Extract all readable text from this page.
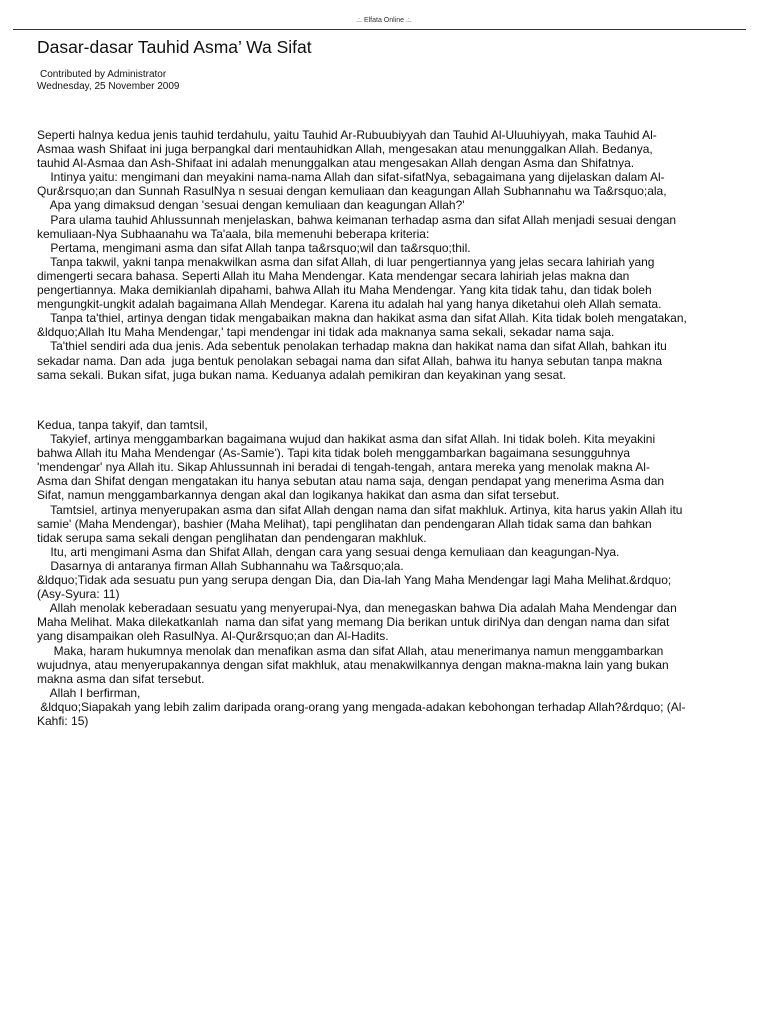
.:. Elfata Online .:.
Dasar-dasar Tauhid Asma’ Wa Sifat
Contributed by Administrator
Wednesday, 25 November 2009
Seperti halnya kedua jenis tauhid terdahulu, yaitu Tauhid Ar-Rubuubiyyah dan Tauhid Al-Uluuhiyyah, maka Tauhid Al-
Asmaa wash Shifaat ini juga berpangkal dari mentauhidkan Allah, mengesakan atau menunggalkan Allah. Bedanya,
tauhid Al-Asmaa dan Ash-Shifaat ini adalah menunggalkan atau mengesakan Allah dengan Asma dan Shifatnya.
Intinya yaitu: mengimani dan meyakini nama-nama Allah dan sifat-sifatNya, sebagaimana yang dijelaskan dalam Al-
Qur&rsquo;an dan Sunnah RasulNya n sesuai dengan kemuliaan dan keagungan Allah Subhannahu wa Ta&rsquo;ala,
Apa yang dimaksud dengan 'sesuai dengan kemuliaan dan keagungan Allah?'
Para ulama tauhid Ahlussunnah menjelaskan, bahwa keimanan terhadap asma dan sifat Allah menjadi sesuai dengan
kemuliaan-Nya Subhaanahu wa Ta'aala, bila memenuhi beberapa kriteria:
Pertama, mengimani asma dan sifat Allah tanpa ta&rsquo;wil dan ta&rsquo;thil.
Tanpa takwil, yakni tanpa menakwilkan asma dan sifat Allah, di luar pengertiannya yang jelas secara lahiriah yang
dimengerti secara bahasa. Seperti Allah itu Maha Mendengar. Kata mendengar secara lahiriah jelas makna dan
pengertiannya. Maka demikianlah dipahami, bahwa Allah itu Maha Mendengar. Yang kita tidak tahu, dan tidak boleh
mengungkit-ungkit adalah bagaimana Allah Mendegar. Karena itu adalah hal yang hanya diketahui oleh Allah semata.
Tanpa ta'thiel, artinya dengan tidak mengabaikan makna dan hakikat asma dan sifat Allah. Kita tidak boleh mengatakan,
&ldquo;Allah Itu Maha Mendengar,' tapi mendengar ini tidak ada maknanya sama sekali, sekadar nama saja.
Ta'thiel sendiri ada dua jenis. Ada sebentuk penolakan terhadap makna dan hakikat nama dan sifat Allah, bahkan itu
sekadar nama. Dan ada  juga bentuk penolakan sebagai nama dan sifat Allah, bahwa itu hanya sebutan tanpa makna
sama sekali. Bukan sifat, juga bukan nama. Keduanya adalah pemikiran dan keyakinan yang sesat.
Kedua, tanpa takyif, dan tamtsil,
Takyief, artinya menggambarkan bagaimana wujud dan hakikat asma dan sifat Allah. Ini tidak boleh. Kita meyakini
bahwa Allah itu Maha Mendengar (As-Samie'). Tapi kita tidak boleh menggambarkan bagaimana sesungguhnya
'mendengar' nya Allah itu. Sikap Ahlussunnah ini beradai di tengah-tengah, antara mereka yang menolak makna Al-
Asma dan Shifat dengan mengatakan itu hanya sebutan atau nama saja, dengan pendapat yang menerima Asma dan
Sifat, namun menggambarkannya dengan akal dan logikanya hakikat dan asma dan sifat tersebut.
Tamtsiel, artinya menyerupakan asma dan sifat Allah dengan nama dan sifat makhluk. Artinya, kita harus yakin Allah itu
samie' (Maha Mendengar), bashier (Maha Melihat), tapi penglihatan dan pendengaran Allah tidak sama dan bahkan
tidak serupa sama sekali dengan penglihatan dan pendengaran makhluk.
Itu, arti mengimani Asma dan Shifat Allah, dengan cara yang sesuai denga kemuliaan dan keagungan-Nya.
Dasarnya di antaranya firman Allah Subhannahu wa Ta&rsquo;ala.
&ldquo;Tidak ada sesuatu pun yang serupa dengan Dia, dan Dia-lah Yang Maha Mendengar lagi Maha Melihat.&rdquo;
(Asy-Syura: 11)
Allah menolak keberadaan sesuatu yang menyerupai-Nya, dan menegaskan bahwa Dia adalah Maha Mendengar dan
Maha Melihat. Maka dilekatkanlah  nama dan sifat yang memang Dia berikan untuk diriNya dan dengan nama dan sifat
yang disampaikan oleh RasulNya. Al-Qur&rsquo;an dan Al-Hadits.
Maka, haram hukumnya menolak dan menafikan asma dan sifat Allah, atau menerimanya namun menggambarkan
wujudnya, atau menyerupakannya dengan sifat makhluk, atau menakwilkannya dengan makna-makna lain yang bukan
makna asma dan sifat tersebut.
Allah I berfirman,
&ldquo;Siapakah yang lebih zalim daripada orang-orang yang mengada-adakan kebohongan terhadap Allah?&rdquo; (Al-
Kahfi: 15)
